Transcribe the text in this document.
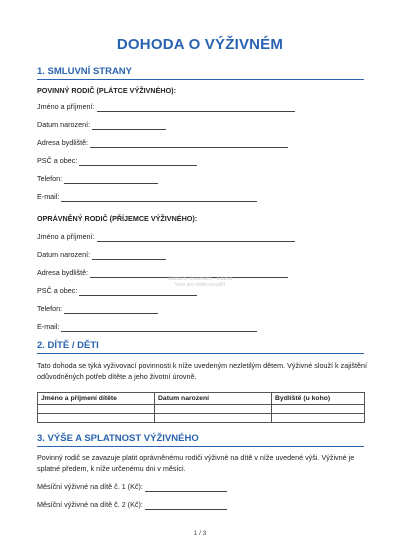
DOHODA O VÝŽIVNÉM
1. SMLUVNÍ STRANY
POVINNÝ RODIČ (PLÁTCE VÝŽIVNÉHO):
Jméno a příjmení:
Datum narození:
Adresa bydliště:
PSČ a obec:
Telefon:
E-mail:
OPRÁVNĚNÝ RODIČ (PŘÍJEMCE VÝŽIVNÉHO):
Jméno a příjmení:
Datum narození:
Adresa bydliště:
PSČ a obec:
Telefon:
E-mail:
Ilustrační dokument – ukázka
Vzor pro vnitřní použití
2. DÍTĚ / DĚTI
Tato dohoda se týká vyživovací povinnosti k níže uvedeným nezletilým dětem. Výživné slouží k zajištění odůvodněných potřeb dítěte a jeho životní úrovně.
Jméno a příjmení dítěte	Datum narození	Bydliště (u koho)

3. VÝŠE A SPLATNOST VÝŽIVNÉHO
Povinný rodič se zavazuje platit oprávněnému rodiči výživné na dítě v níže uvedené výši. Výživné je splatné předem, k níže určenému dni v měsíci.
Měsíční výživné na dítě č. 1 (Kč):
Měsíční výživné na dítě č. 2 (Kč):
1 / 3
